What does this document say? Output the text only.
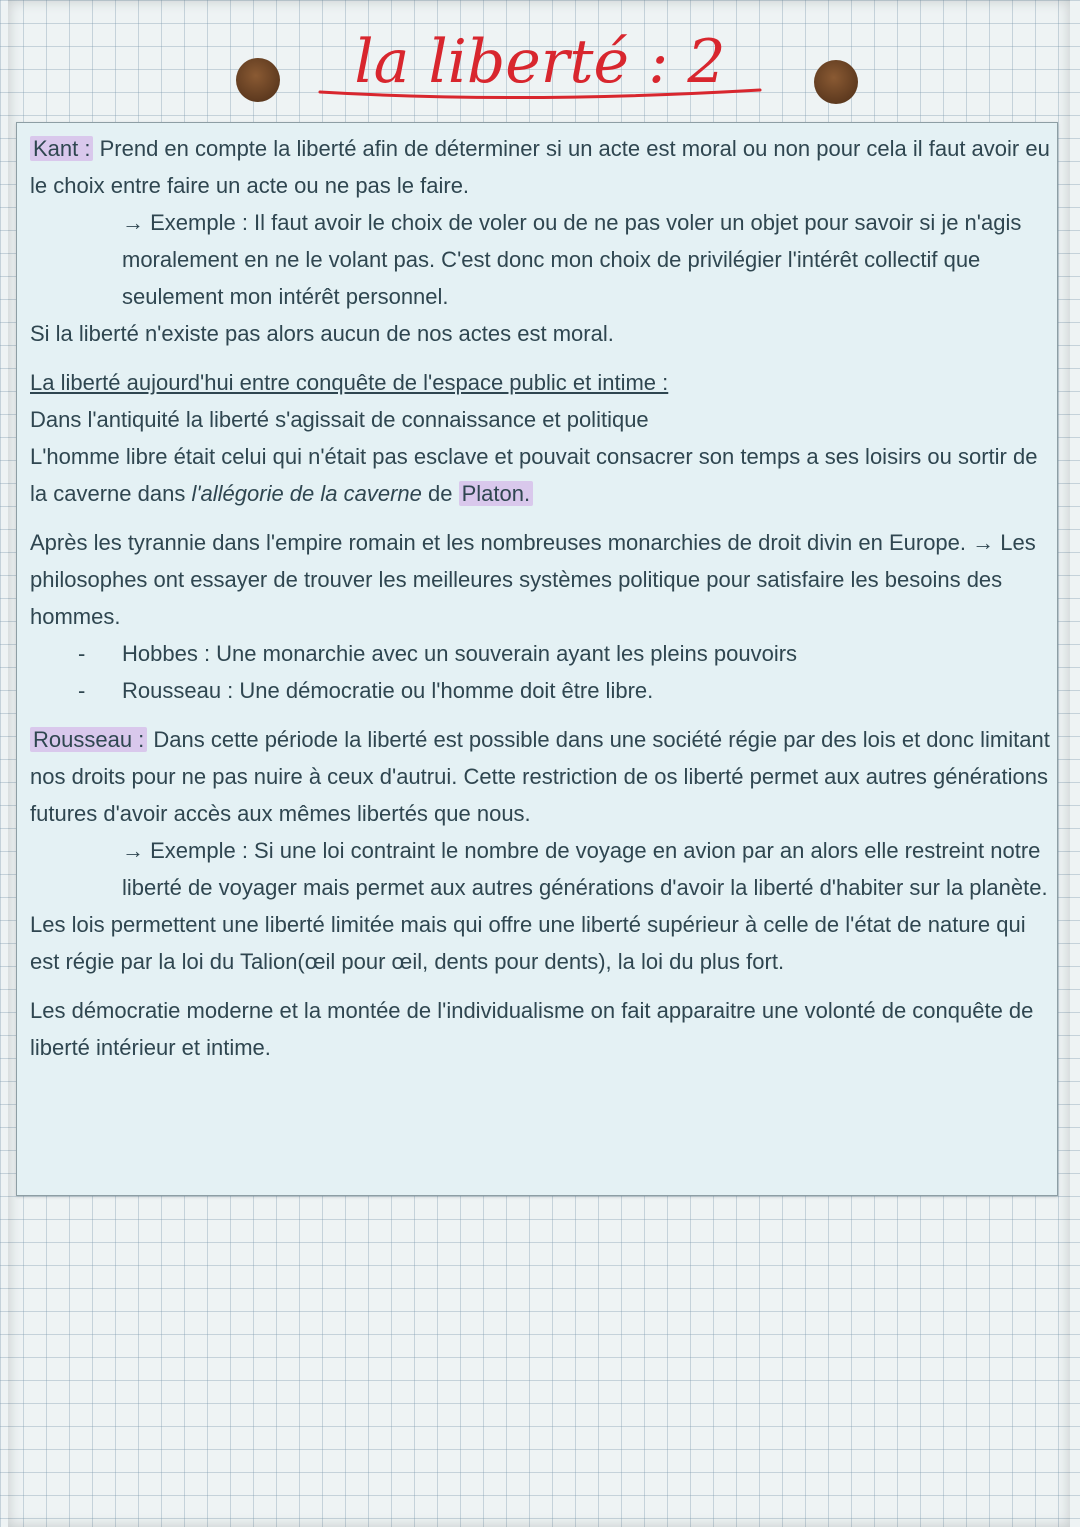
la liberté : 2

Kant : Prend en compte la liberté afin de déterminer si un acte est moral ou non pour cela il faut avoir eu le choix entre faire un acte ou ne pas le faire.

→ Exemple : Il faut avoir le choix de voler ou de ne pas voler un objet pour savoir si je n'agis moralement en ne le volant pas. C'est donc mon choix de privilégier l'intérêt collectif que seulement mon intérêt personnel.

Si la liberté n'existe pas alors aucun de nos actes est moral.

La liberté aujourd'hui entre conquête de l'espace public et intime :

Dans l'antiquité la liberté s'agissait de connaissance et politique

L'homme libre était celui qui n'était pas esclave et pouvait consacrer son temps a ses loisirs ou sortir de la caverne dans l'allégorie de la caverne de Platon.

Après les tyrannie dans l'empire romain et les nombreuses monarchies de droit divin en Europe. → Les philosophes ont essayer de trouver les meilleures systèmes politique pour satisfaire les besoins des hommes.

-	Hobbes : Une monarchie avec un souverain ayant les pleins pouvoirs
-	Rousseau : Une démocratie ou l'homme doit être libre.

Rousseau : Dans cette période la liberté est possible dans une société régie par des lois et donc limitant nos droits pour ne pas nuire à ceux d'autrui. Cette restriction de os liberté permet aux autres générations futures d'avoir accès aux mêmes libertés que nous.

→ Exemple : Si une loi contraint le nombre de voyage en avion par an alors elle restreint notre liberté de voyager mais permet aux autres générations d'avoir la liberté d'habiter sur la planète.

Les lois permettent une liberté limitée mais qui offre une liberté supérieur à celle de l'état de nature qui est régie par la loi du Talion(œil pour œil, dents pour dents), la loi du plus fort.

Les démocratie moderne et la montée de l'individualisme on fait apparaitre une volonté de conquête de liberté intérieur et intime.
